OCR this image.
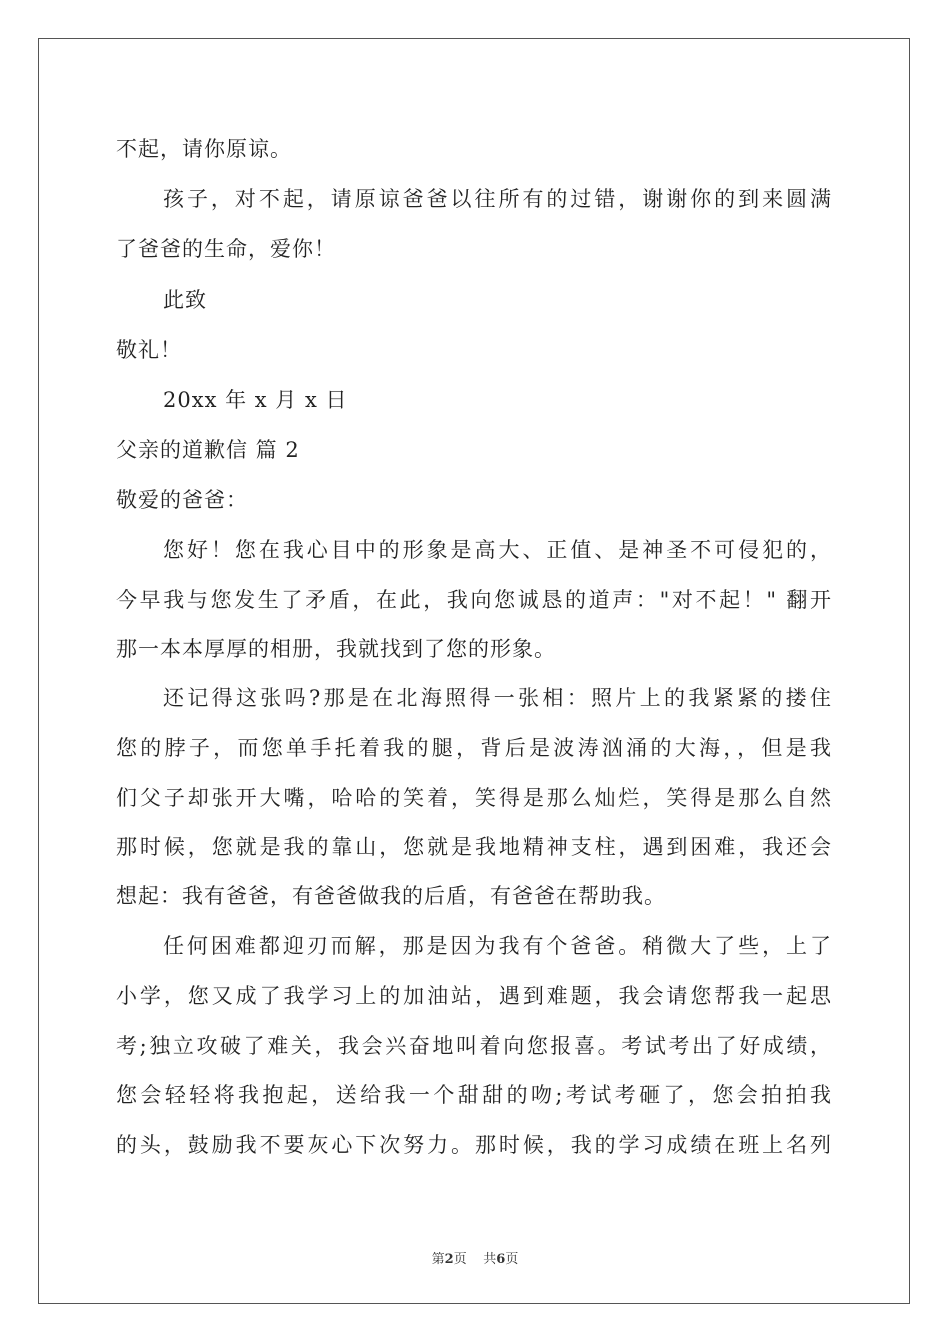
不起，请你原谅。
孩子，对不起，请原谅爸爸以往所有的过错，谢谢你的到来圆满
了爸爸的生命，爱你！
此致
敬礼！
20xx 年 x 月 x 日
父亲的道歉信 篇 2
敬爱的爸爸：
您好！您在我心目中的形象是高大、正值、是神圣不可侵犯的，
今早我与您发生了矛盾，在此，我向您诚恳的道声："对不起！" 翻开
那一本本厚厚的相册，我就找到了您的形象。
还记得这张吗?那是在北海照得一张相：照片上的我紧紧的搂住
您的脖子，而您单手托着我的腿，背后是波涛汹涌的大海，，但是我
们父子却张开大嘴，哈哈的笑着，笑得是那么灿烂，笑得是那么自然
那时候，您就是我的靠山，您就是我地精神支柱，遇到困难，我还会
想起：我有爸爸，有爸爸做我的后盾，有爸爸在帮助我。
任何困难都迎刃而解，那是因为我有个爸爸。稍微大了些，上了
小学，您又成了我学习上的加油站，遇到难题，我会请您帮我一起思
考;独立攻破了难关，我会兴奋地叫着向您报喜。考试考出了好成绩，
您会轻轻将我抱起，送给我一个甜甜的吻;考试考砸了，您会拍拍我
的头，鼓励我不要灰心下次努力。那时候，我的学习成绩在班上名列
第2页 共6页
